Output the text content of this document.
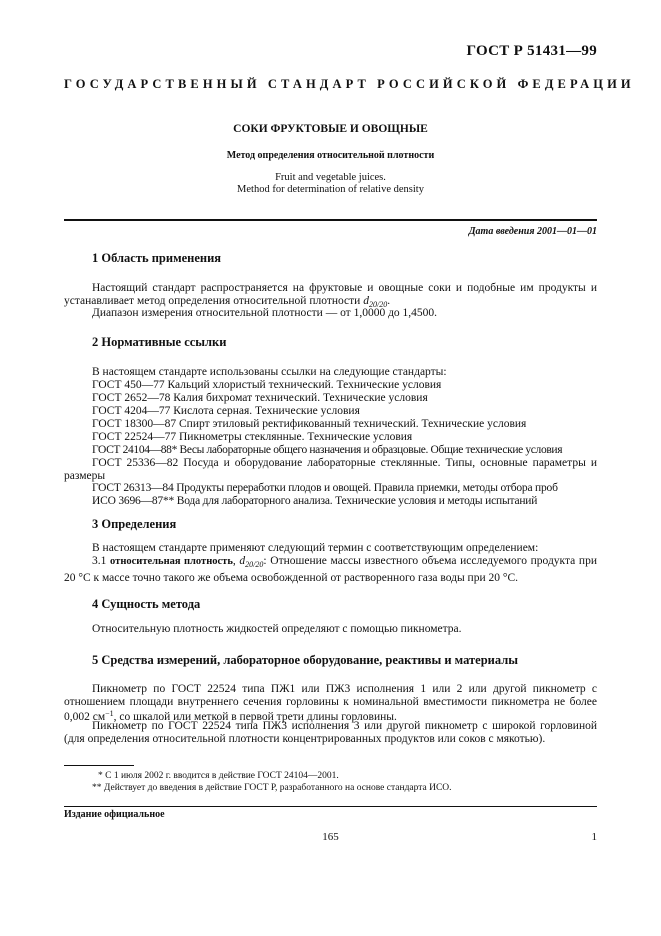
ГОСТ Р 51431—99
ГОСУДАРСТВЕННЫЙ СТАНДАРТ РОССИЙСКОЙ ФЕДЕРАЦИИ
СОКИ ФРУКТОВЫЕ И ОВОЩНЫЕ
Метод определения относительной плотности
Fruit and vegetable juices.
Method for determination of relative density
Дата введения 2001—01—01
1 Область применения
Настоящий стандарт распространяется на фруктовые и овощные соки и подобные им продукты и устанавливает метод определения относительной плотности $d_{20/20}$.
Диапазон измерения относительной плотности — от 1,0000 до 1,4500.
2 Нормативные ссылки
В настоящем стандарте использованы ссылки на следующие стандарты:
ГОСТ 450—77 Кальций хлористый технический. Технические условия
ГОСТ 2652—78 Калия бихромат технический. Технические условия
ГОСТ 4204—77 Кислота серная. Технические условия
ГОСТ 18300—87 Спирт этиловый ректификованный технический. Технические условия
ГОСТ 22524—77 Пикнометры стеклянные. Технические условия
ГОСТ 24104—88* Весы лабораторные общего назначения и образцовые. Общие технические условия
ГОСТ 25336—82 Посуда и оборудование лабораторные стеклянные. Типы, основные параметры и размеры
ГОСТ 26313—84 Продукты переработки плодов и овощей. Правила приемки, методы отбора проб
ИСО 3696—87** Вода для лабораторного анализа. Технические условия и методы испытаний
3 Определения
В настоящем стандарте применяют следующий термин с соответствующим определением:
3.1 относительная плотность, $d_{20/20}$: Отношение массы известного объема исследуемого продукта при 20 °С к массе точно такого же объема освобожденной от растворенного газа воды при 20 °С.
4 Сущность метода
Относительную плотность жидкостей определяют с помощью пикнометра.
5 Средства измерений, лабораторное оборудование, реактивы и материалы
Пикнометр по ГОСТ 22524 типа ПЖ1 или ПЖ3 исполнения 1 или 2 или другой пикнометр с отношением площади внутреннего сечения горловины к номинальной вместимости пикнометра не более 0,002 $см^{-1}$, со шкалой или меткой в первой трети длины горловины.
Пикнометр по ГОСТ 22524 типа ПЖ3 исполнения 3 или другой пикнометр с широкой горловиной (для определения относительной плотности концентрированных продуктов или соков с мякотью).
* С 1 июля 2002 г. вводится в действие ГОСТ 24104—2001.
** Действует до введения в действие ГОСТ Р, разработанного на основе стандарта ИСО.
Издание официальное
165	1
